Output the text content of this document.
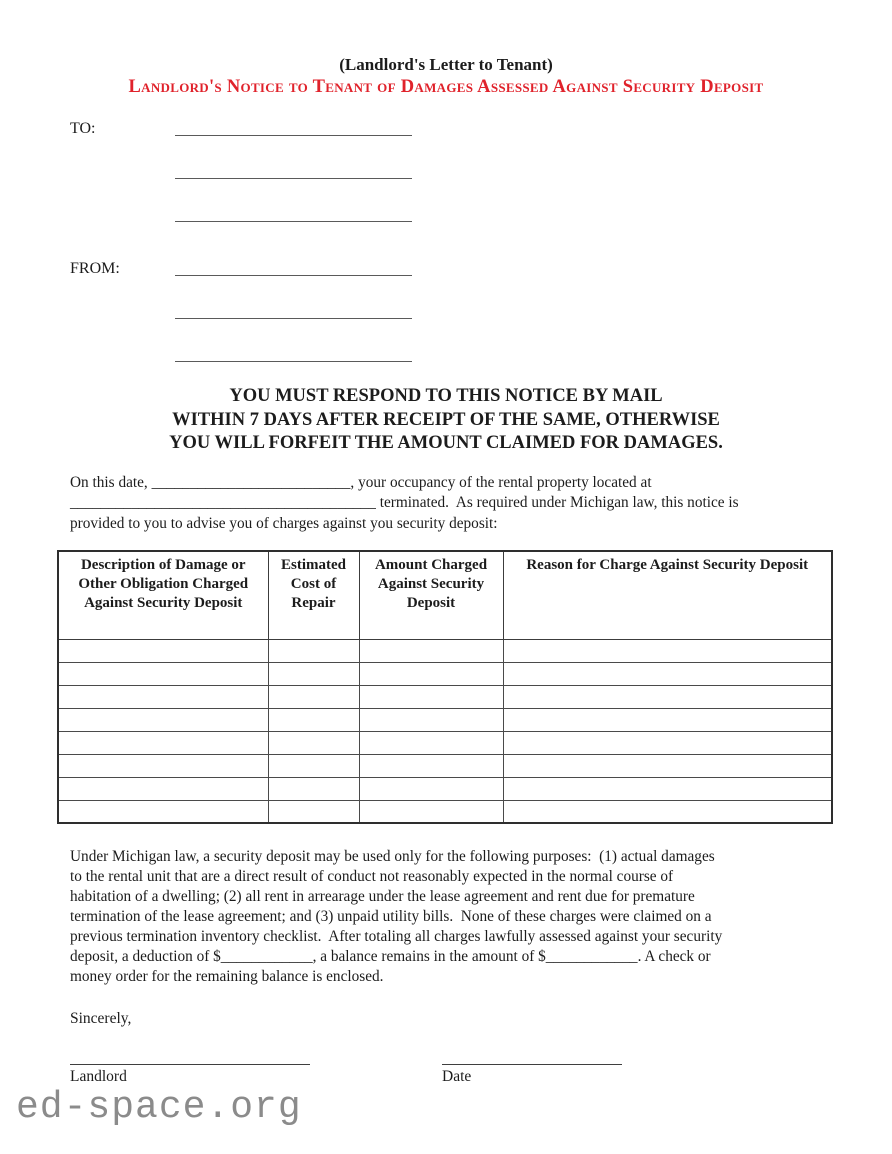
(Landlord's Letter to Tenant)
Landlord's Notice to Tenant of Damages Assessed Against Security Deposit
TO:
FROM:
YOU MUST RESPOND TO THIS NOTICE BY MAIL
WITHIN 7 DAYS AFTER RECEIPT OF THE SAME, OTHERWISE
YOU WILL FORFEIT THE AMOUNT CLAIMED FOR DAMAGES.
On this date, __________________________, your occupancy of the rental property located at
________________________________________ terminated.  As required under Michigan law, this notice is
provided to you to advise you of charges against you security deposit:
Description of Damage or Other Obligation Charged Against Security Deposit	Estimated Cost of Repair	Amount Charged Against Security Deposit	Reason for Charge Against Security Deposit

Under Michigan law, a security deposit may be used only for the following purposes:  (1) actual damages
to the rental unit that are a direct result of conduct not reasonably expected in the normal course of
habitation of a dwelling; (2) all rent in arrearage under the lease agreement and rent due for premature
termination of the lease agreement; and (3) unpaid utility bills.  None of these charges were claimed on a
previous termination inventory checklist.  After totaling all charges lawfully assessed against your security
deposit, a deduction of $____________, a balance remains in the amount of $____________. A check or
money order for the remaining balance is enclosed.
Sincerely,
Landlord	Date
ed-space.org
